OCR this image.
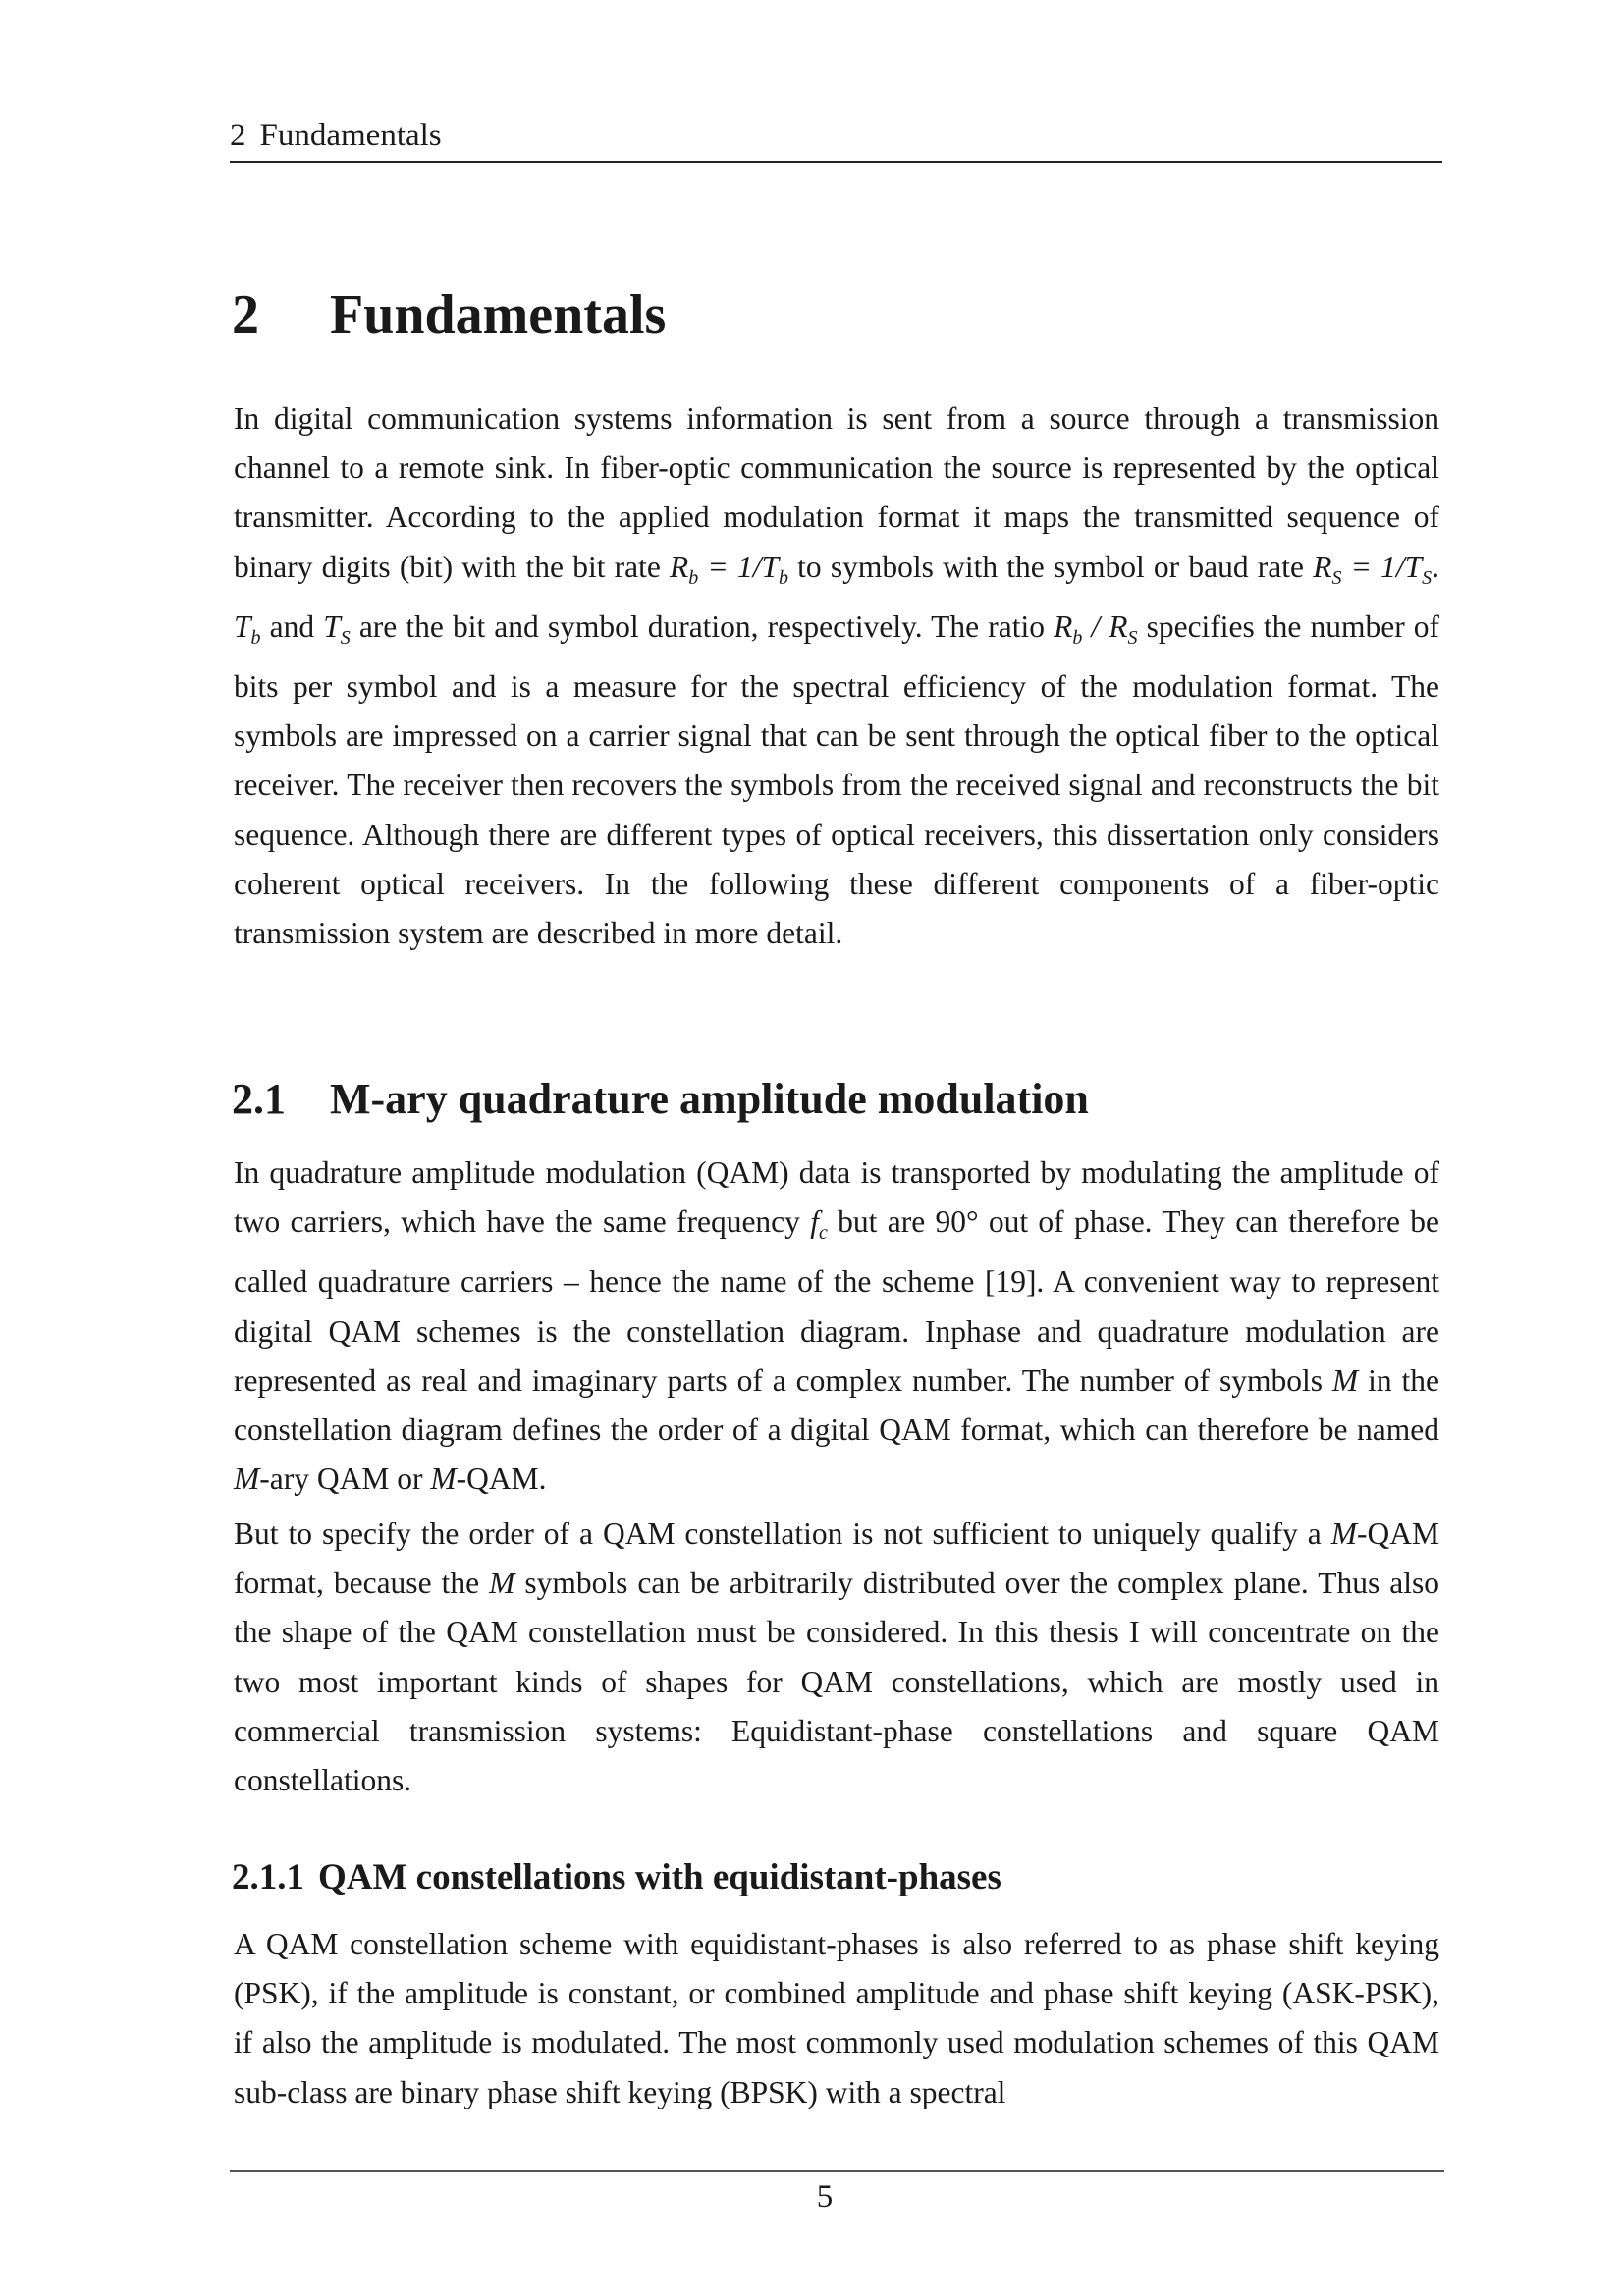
2 Fundamentals
2 Fundamentals

In digital communication systems information is sent from a source through a transmission channel to a remote sink. In fiber-optic communication the source is represented by the optical transmitter. According to the applied modulation format it maps the transmitted sequence of binary digits (bit) with the bit rate $R_b = 1/T_b$ to symbols with the symbol or baud rate $R_S = 1/T_S$. $T_b$ and $T_S$ are the bit and symbol duration, respectively. The ratio $R_b / R_S$ specifies the number of bits per symbol and is a measure for the spectral efficiency of the modulation format. The symbols are impressed on a carrier signal that can be sent through the optical fiber to the optical receiver. The receiver then recovers the symbols from the received signal and reconstructs the bit sequence. Although there are different types of optical receivers, this dissertation only considers coherent optical receivers. In the following these different components of a fiber-optic transmission system are described in more detail.

2.1 M-ary quadrature amplitude modulation

In quadrature amplitude modulation (QAM) data is transported by modulating the amplitude of two carriers, which have the same frequency $f_c$ but are 90° out of phase. They can therefore be called quadrature carriers – hence the name of the scheme [19]. A convenient way to represent digital QAM schemes is the constellation diagram. Inphase and quadrature modulation are represented as real and imaginary parts of a complex number. The number of symbols M in the constellation diagram defines the order of a digital QAM format, which can therefore be named M-ary QAM or M-QAM.

But to specify the order of a QAM constellation is not sufficient to uniquely qualify a M-QAM format, because the M symbols can be arbitrarily distributed over the complex plane. Thus also the shape of the QAM constellation must be considered. In this thesis I will concentrate on the two most important kinds of shapes for QAM constellations, which are mostly used in commercial transmission systems: Equidistant-phase constellations and square QAM constellations.

2.1.1 QAM constellations with equidistant-phases

A QAM constellation scheme with equidistant-phases is also referred to as phase shift keying (PSK), if the amplitude is constant, or combined amplitude and phase shift keying (ASK-PSK), if also the amplitude is modulated. The most commonly used modulation schemes of this QAM sub-class are binary phase shift keying (BPSK) with a spectral

5
